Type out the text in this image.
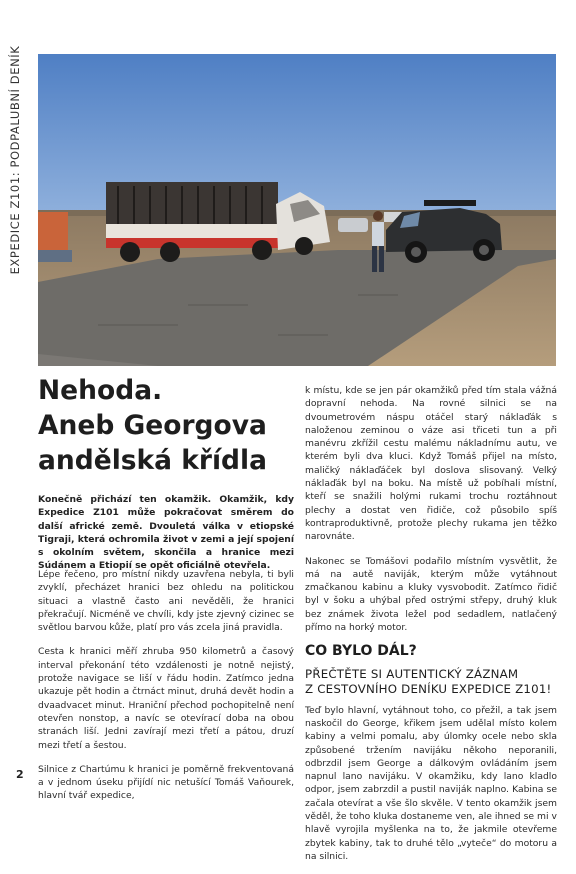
EXPEDICE Z101: PODPALUBNÍ DENÍK
Nehoda.
Aneb Georgova
andělská křídla
Konečně přichází ten okamžik. Okamžik, kdy Expedice Z101 může pokračovat směrem do další africké země. Dvouletá válka v etiopské Tigraji, která ochromila život v zemi a její spojení s okolním světem, skončila a hranice mezi Súdánem a Etiopií se opět oficiálně otevřela.

Lépe řečeno, pro místní nikdy uzavřena nebyla, ti byli zvyklí, přecházet hranici bez ohledu na politickou situaci a vlastně často ani nevěděli, že hranici překračují. Nicméně ve chvíli, kdy jste zjevný cizinec se světlou barvou kůže, platí pro vás zcela jiná pravidla.

Cesta k hranici měří zhruba 950 kilometrů a časový interval překonání této vzdálenosti je notně nejistý, protože navigace se liší v řádu hodin. Zatímco jedna ukazuje pět hodin a čtrnáct minut, druhá devět hodin a dvaadvacet minut. Hraniční přechod pochopitelně není otevřen nonstop, a navíc se otevírací doba na obou stranách liší. Jedni zavírají mezi třetí a pátou, druzí mezi třetí a šestou.

Silnice z Chartúmu k hranici je poměrně frekventovaná a v jednom úseku přijídí nic netušící Tomáš Vaňourek, hlavní tvář expedice,

k místu, kde se jen pár okamžiků před tím stala vážná dopravní nehoda. Na rovné silnici se na dvoumetrovém náspu otáčel starý náklaďák s naloženou zeminou o váze asi třiceti tun a při manévru zkřížil cestu malému nákladnímu autu, ve kterém byli dva kluci. Když Tomáš přijel na místo, maličký náklaďáček byl doslova slisovaný. Velký náklaďák byl na boku. Na místě už pobíhali místní, kteří se snažili holými rukami trochu roztáhnout plechy a dostat ven řidiče, což působilo spíš kontraproduktivně, protože plechy rukama jen těžko narovnáte.

Nakonec se Tomášovi podařilo místním vysvětlit, že má na autě naviják, kterým může vytáhnout zmačkanou kabinu a kluky vysvobodit. Zatímco řidič byl v šoku a uhýbal před ostrými střepy, druhý kluk bez známek života ležel pod sedadlem, natlačený přímo na horký motor.

CO BYLO DÁL?
PŘEČTĚTE SI AUTENTICKÝ ZÁZNAM
Z CESTOVNÍHO DENÍKU EXPEDICE Z101!

Teď bylo hlavní, vytáhnout toho, co přežil, a tak jsem naskočil do George, křikem jsem udělal místo kolem kabiny a velmi pomalu, aby úlomky ocele nebo skla způsobené tržením navijáku někoho neporanili, odbrzdil jsem George a dálkovým ovládáním jsem napnul lano navijáku. V okamžiku, kdy lano kladlo odpor, jsem zabrzdil a pustil naviják naplno. Kabina se začala otevírat a vše šlo skvěle. V tento okamžik jsem věděl, že toho kluka dostaneme ven, ale ihned se mi v hlavě vyrojila myšlenka na to, že jakmile otevřeme zbytek kabiny, tak to druhé tělo „vyteče“ do motoru a na silnici.

2
